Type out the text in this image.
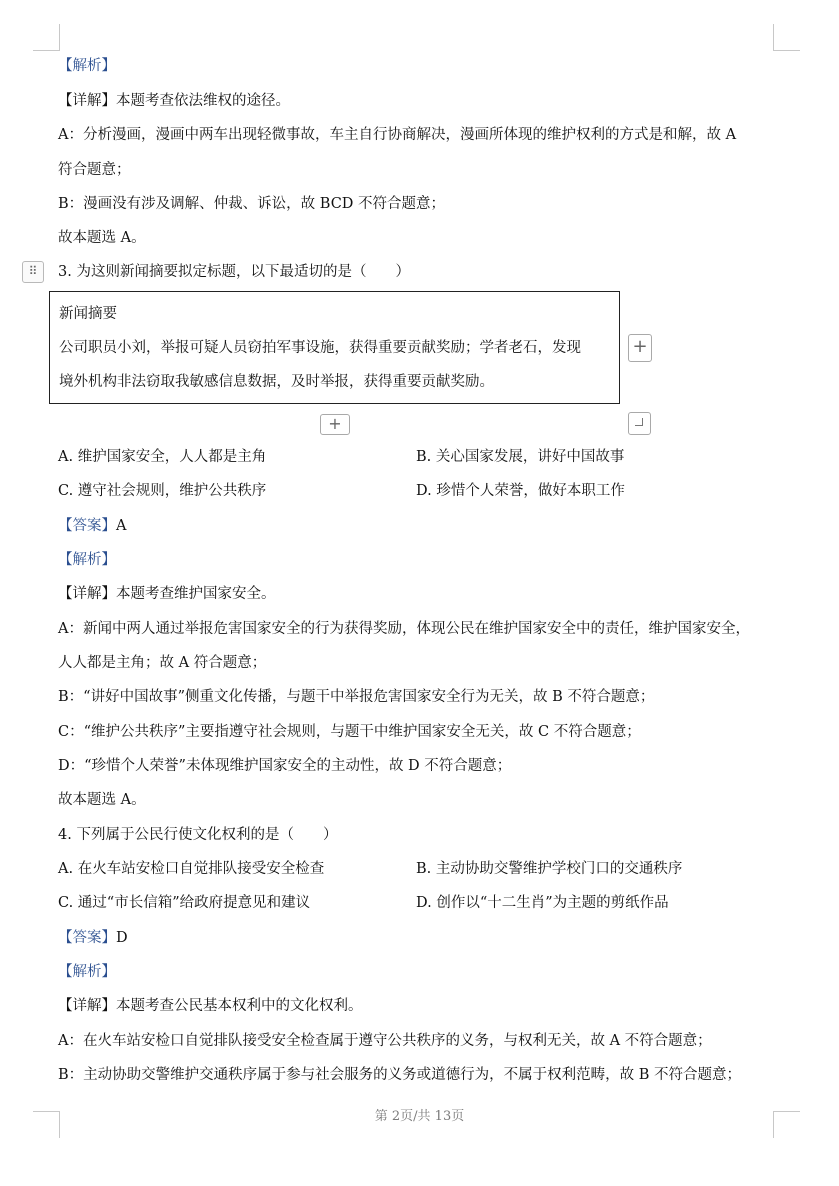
【解析】
【详解】本题考查依法维权的途径。
A：分析漫画，漫画中两车出现轻微事故，车主自行协商解决，漫画所体现的维护权利的方式是和解，故 A
符合题意；
B：漫画没有涉及调解、仲裁、诉讼，故 BCD 不符合题意；
故本题选 A。
⠿	3. 为这则新闻摘要拟定标题，以下最适切的是（　　）
新闻摘要
公司职员小刘，举报可疑人员窃拍军事设施，获得重要贡献奖励；学者老石，发现
境外机构非法窃取我敏感信息数据，及时举报，获得重要贡献奖励。
+
+
A. 维护国家安全，人人都是主角	B. 关心国家发展，讲好中国故事
C. 遵守社会规则，维护公共秩序	D. 珍惜个人荣誉，做好本职工作
【答案】A
【解析】
【详解】本题考查维护国家安全。
A：新闻中两人通过举报危害国家安全的行为获得奖励，体现公民在维护国家安全中的责任，维护国家安全，
人人都是主角；故 A 符合题意；
B：“讲好中国故事”侧重文化传播，与题干中举报危害国家安全行为无关，故 B 不符合题意；
C：“维护公共秩序”主要指遵守社会规则，与题干中维护国家安全无关，故 C 不符合题意；
D：“珍惜个人荣誉”未体现维护国家安全的主动性，故 D 不符合题意；
故本题选 A。
4. 下列属于公民行使文化权利的是（　　）
A. 在火车站安检口自觉排队接受安全检查	B. 主动协助交警维护学校门口的交通秩序
C. 通过“市长信箱”给政府提意见和建议	D. 创作以“十二生肖”为主题的剪纸作品
【答案】D
【解析】
【详解】本题考查公民基本权利中的文化权利。
A：在火车站安检口自觉排队接受安全检查属于遵守公共秩序的义务，与权利无关，故 A 不符合题意；
B：主动协助交警维护交通秩序属于参与社会服务的义务或道德行为，不属于权利范畴，故 B 不符合题意；
第 2页/共 13页
